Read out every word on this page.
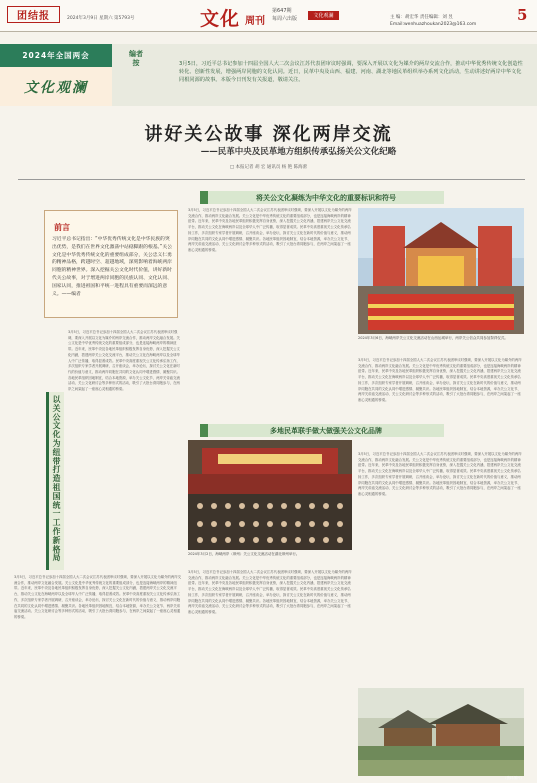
团结报	2024年3月9日 星期六 第5793号	文化 周刊
第647期
每周六出版	文化观澜	主 编：胡宏华 责任编辑：刘 昱
Email:wenhuazhoukan2023@163.com
5
2024年全国两会
文化观澜
编者按	3月5日，习近平总书记参加十四届全国人大二次会议江苏代表团审议时强调，要深入开展以文化为媒介的两岸交流合作，推动中华优秀传统文化创造性转化、创新性发展，增强两岸同胞的文化认同。近日，民革中央及山西、福建、河南、湖北等地民革组织举办系列文化活动，生动讲述好两岸中华文化同根同源的故事。本版今日刊发有关报道，敬请关注。
讲好关公故事 深化两岸交流
——民革中央及民革地方组织传承弘扬关公文化纪略
□ 本报记者 胡 宏 通讯员 杨 艳 陈海蕾
将关公文化凝练为中华文化的重要标识和符号
前言
习近平总书记指出：“中华优秀传统文化是中华民族的突出优势，是我们在世界文化激荡中站稳脚跟的根基。”关公文化是中华优秀传统文化的重要组成部分，关公忠义仁勇的精神品格，跨越时空、超越地域，深刻影响着海峡两岸同胞的精神世界。深入挖掘关公文化时代价值，讲好新时代关公故事，对于增进两岸同胞的民族认同、文化认同、国家认同，推进祖国和平统一进程具有重要而深远的意义。——编者
3月5日，习近平总书记参加十四届全国人大二次会议江苏代表团审议时强调，要深入开展以文化为媒介的两岸交流合作，推动两岸文化融合发展。关公文化是中华优秀传统文化的重要组成部分，也是连接海峡两岸的精神纽带。近年来，民革中央及各地民革组织积极发挥自身优势，深入挖掘关公文化内涵，搭建两岸关公文化交流平台，推动关公文化在海峡两岸以及全球华人中广泛传播，取得显著成效。民革中央高度重视关公文化传承弘扬工作，多次组织专家学者开展调研，召开座谈会，举办论坛，探讨关公文化在新时代的价值与意义，推动两岸同胞在共同的文化认同中增进感情、凝聚共识。各地民革组织因地制宜，结合本地资源，举办关公文化节、两岸关帝庙交流活动、关公文化研讨会等多种形式的活动，吸引了大批台湾同胞参与，在两岸之间架起了一座座心灵相通的桥梁。
3月5日，习近平总书记参加十四届全国人大二次会议江苏代表团审议时强调，要深入开展以文化为媒介的两岸交流合作，推动两岸文化融合发展。关公文化是中华优秀传统文化的重要组成部分，也是连接海峡两岸的精神纽带。近年来，民革中央及各地民革组织积极发挥自身优势，深入挖掘关公文化内涵，搭建两岸关公文化交流平台，推动关公文化在海峡两岸以及全球华人中广泛传播，取得显著成效。民革中央高度重视关公文化传承弘扬工作，多次组织专家学者开展调研，召开座谈会，举办论坛，探讨关公文化在新时代的价值与意义，推动两岸同胞在共同的文化认同中增进感情、凝聚共识。各地民革组织因地制宜，结合本地资源，举办关公文化节、两岸关帝庙交流活动、关公文化研讨会等多种形式的活动，吸引了大批台湾同胞参与，在两岸之间架起了一座座心灵相通的桥梁。
3月5日，习近平总书记参加十四届全国人大二次会议江苏代表团审议时强调，要深入开展以文化为媒介的两岸交流合作，推动两岸文化融合发展。关公文化是中华优秀传统文化的重要组成部分，也是连接海峡两岸的精神纽带。近年来，民革中央及各地民革组织积极发挥自身优势，深入挖掘关公文化内涵，搭建两岸关公文化交流平台，推动关公文化在海峡两岸以及全球华人中广泛传播，取得显著成效。民革中央高度重视关公文化传承弘扬工作，多次组织专家学者开展调研，召开座谈会，举办论坛，探讨关公文化在新时代的价值与意义，推动两岸同胞在共同的文化认同中增进感情、凝聚共识。各地民革组织因地制宜，结合本地资源，举办关公文化节、两岸关帝庙交流活动、关公文化研讨会等多种形式的活动，吸引了大批台湾同胞参与，在两岸之间架起了一座座心灵相通的桥梁。
3月5日，习近平总书记参加十四届全国人大二次会议江苏代表团审议时强调，要深入开展以文化为媒介的两岸交流合作，推动两岸文化融合发展。关公文化是中华优秀传统文化的重要组成部分，也是连接海峡两岸的精神纽带。近年来，民革中央及各地民革组织积极发挥自身优势，深入挖掘关公文化内涵，搭建两岸关公文化交流平台，推动关公文化在海峡两岸以及全球华人中广泛传播，取得显著成效。民革中央高度重视关公文化传承弘扬工作，多次组织专家学者开展调研，召开座谈会，举办论坛，探讨关公文化在新时代的价值与意义，推动两岸同胞在共同的文化认同中增进感情、凝聚共识。各地民革组织因地制宜，结合本地资源，举办关公文化节、两岸关帝庙交流活动、关公文化研讨会等多种形式的活动，吸引了大批台湾同胞参与，在两岸之间架起了一座座心灵相通的桥梁。
3月5日，习近平总书记参加十四届全国人大二次会议江苏代表团审议时强调，要深入开展以文化为媒介的两岸交流合作，推动两岸文化融合发展。关公文化是中华优秀传统文化的重要组成部分，也是连接海峡两岸的精神纽带。近年来，民革中央及各地民革组织积极发挥自身优势，深入挖掘关公文化内涵，搭建两岸关公文化交流平台，推动关公文化在海峡两岸以及全球华人中广泛传播，取得显著成效。民革中央高度重视关公文化传承弘扬工作，多次组织专家学者开展调研，召开座谈会，举办论坛，探讨关公文化在新时代的价值与意义，推动两岸同胞在共同的文化认同中增进感情、凝聚共识。各地民革组织因地制宜，结合本地资源，举办关公文化节、两岸关帝庙交流活动、关公文化研讨会等多种形式的活动，吸引了大批台湾同胞参与，在两岸之间架起了一座座心灵相通的桥梁。
3月5日，习近平总书记参加十四届全国人大二次会议江苏代表团审议时强调，要深入开展以文化为媒介的两岸交流合作，推动两岸文化融合发展。关公文化是中华优秀传统文化的重要组成部分，也是连接海峡两岸的精神纽带。近年来，民革中央及各地民革组织积极发挥自身优势，深入挖掘关公文化内涵，搭建两岸关公文化交流平台，推动关公文化在海峡两岸以及全球华人中广泛传播，取得显著成效。民革中央高度重视关公文化传承弘扬工作，多次组织专家学者开展调研，召开座谈会，举办论坛，探讨关公文化在新时代的价值与意义，推动两岸同胞在共同的文化认同中增进感情、凝聚共识。各地民革组织因地制宜，结合本地资源，举办关公文化节、两岸关帝庙交流活动、关公文化研讨会等多种形式的活动，吸引了大批台湾同胞参与，在两岸之间架起了一座座心灵相通的桥梁。
以关公文化为纽带打造祖国统一工作新格局
2024年3月6日，海峡两岸关公文化交流活动在山西运城举行，两岸关公信众共同参加祭拜仪式。
多地民革联手做大做强关公文化品牌
2024年3月2日，海峡两岸（荆州）关公文化交流活动在湖北荆州举行。
（资料图片）
